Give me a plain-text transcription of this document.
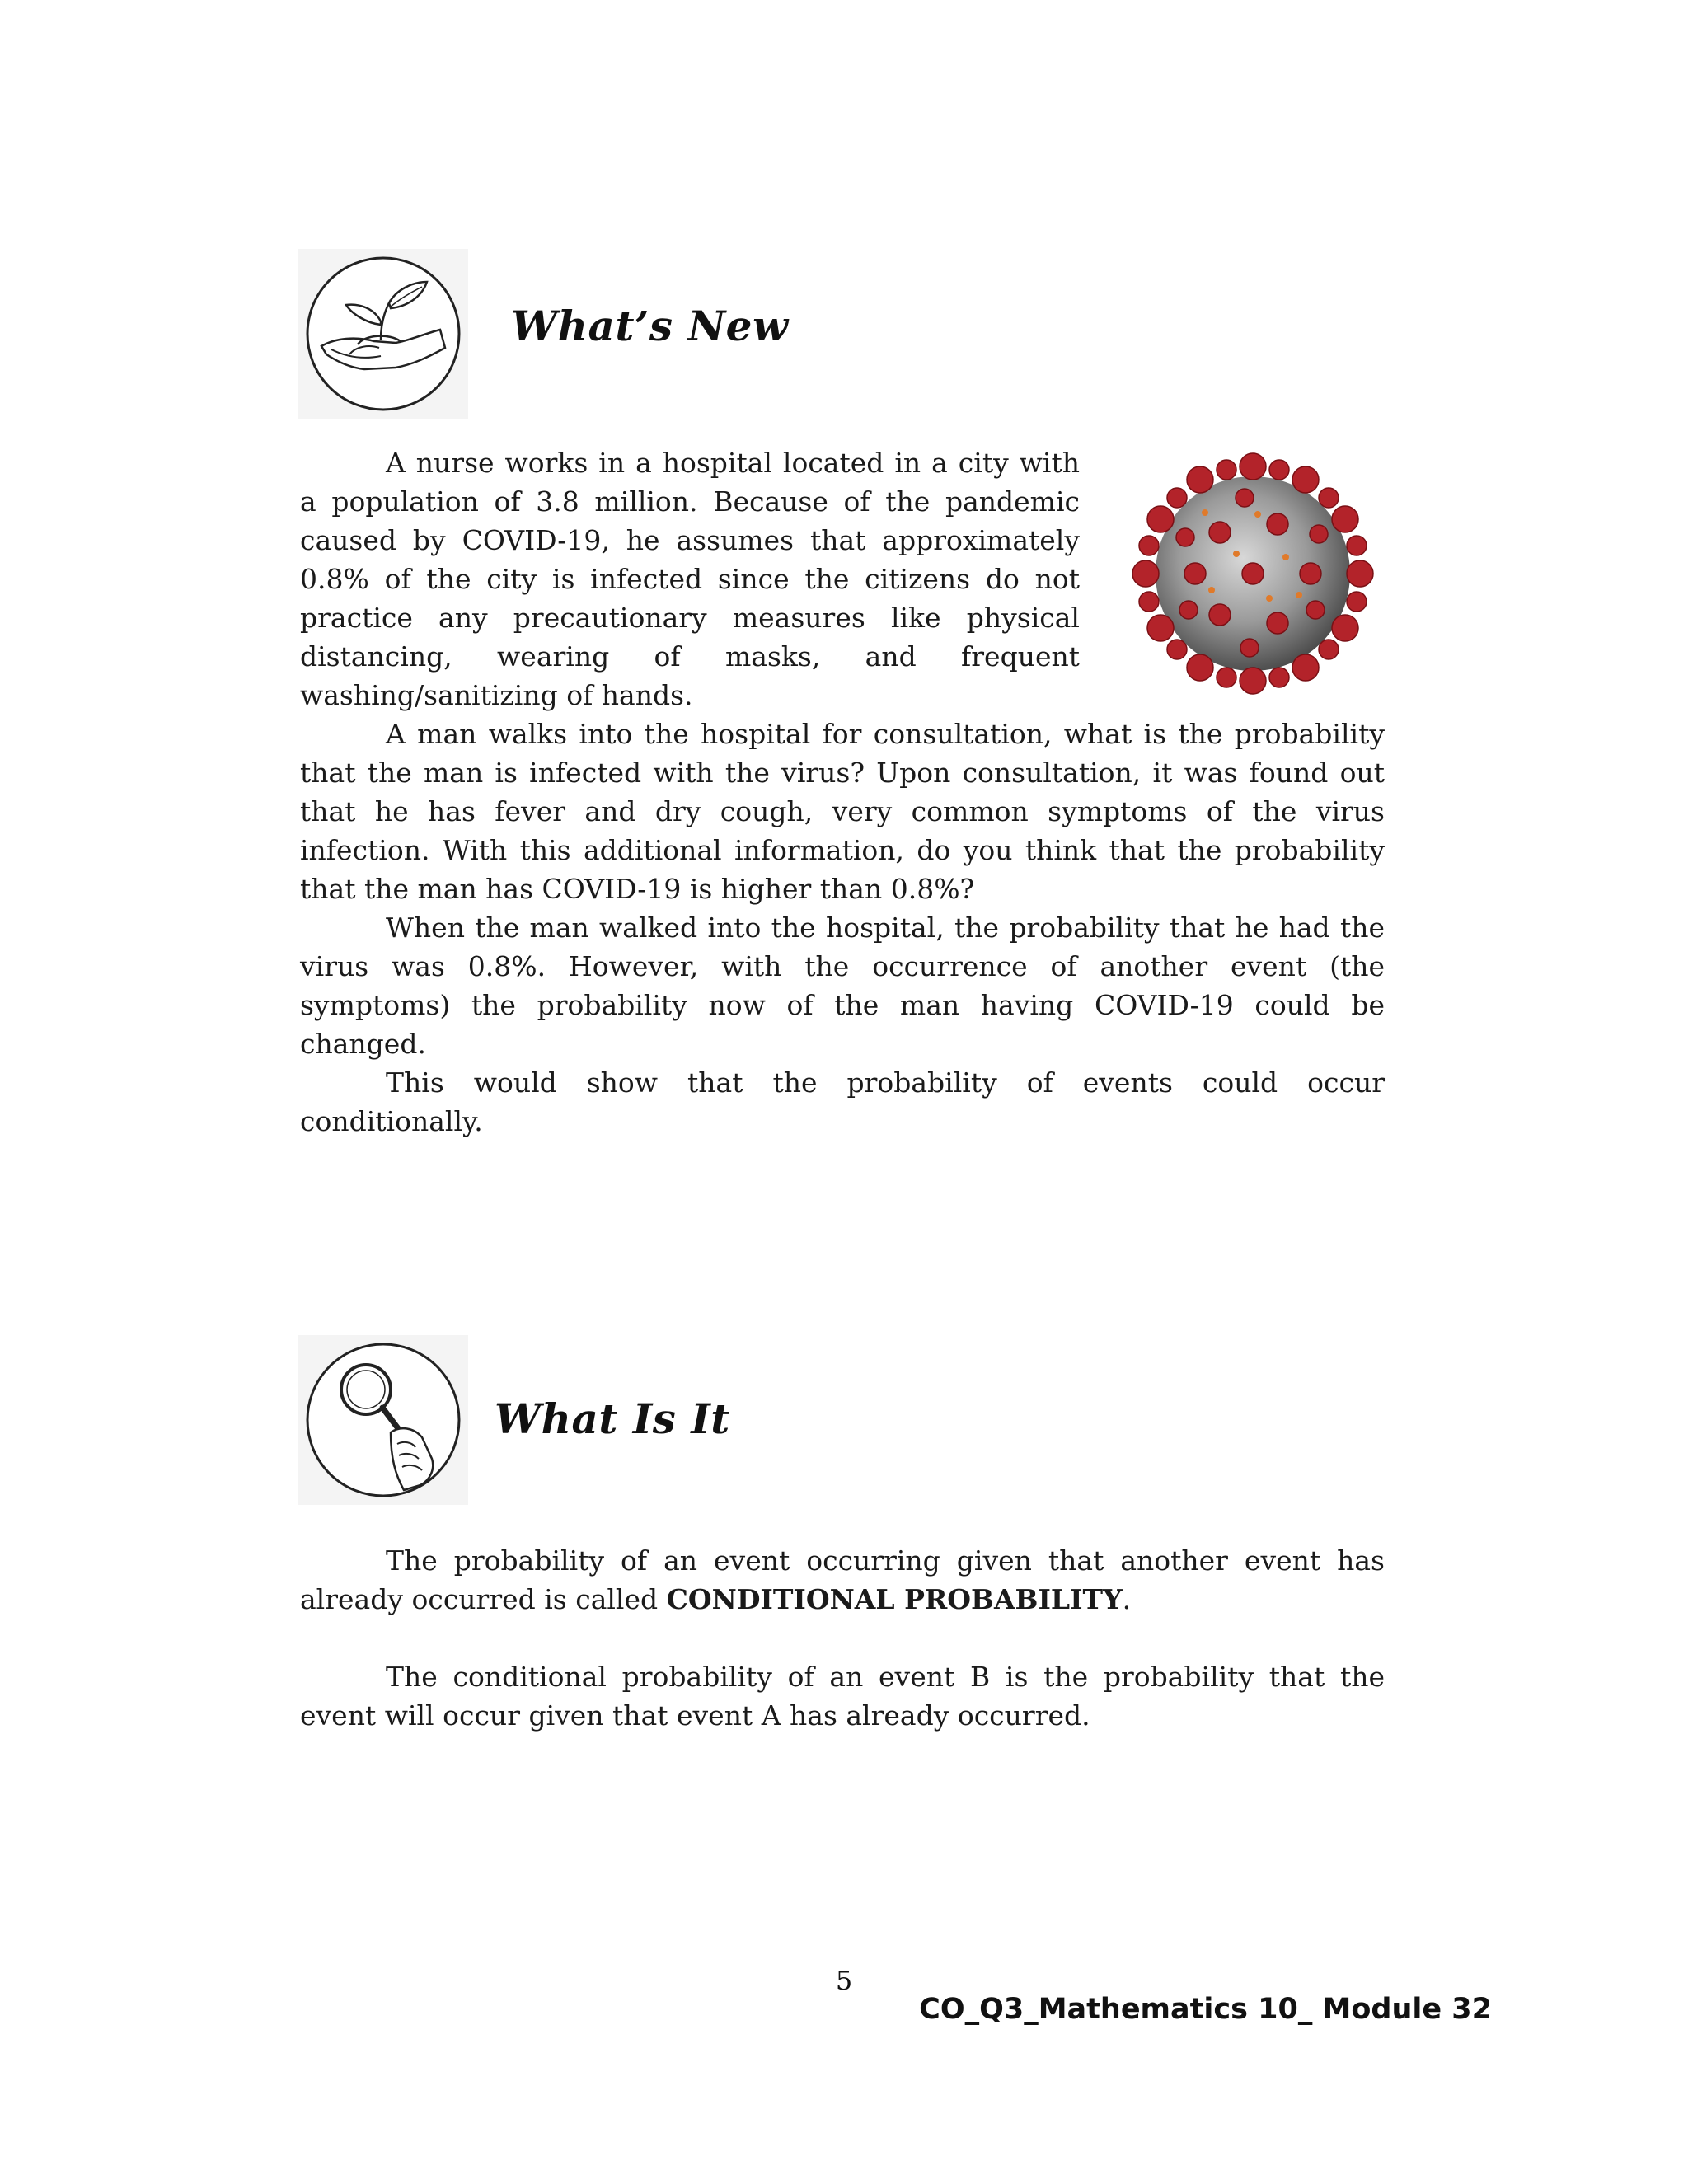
What’s New

A nurse works in a hospital located in a city with a population of 3.8 million. Because of the pandemic caused by COVID-19, he assumes that approximately 0.8% of the city is infected since the citizens do not practice any precautionary measures like physical distancing, wearing of masks, and frequent washing/sanitizing of hands.

A man walks into the hospital for consultation, what is the probability that the man is infected with the virus? Upon consultation, it was found out that he has fever and dry cough, very common symptoms of the virus infection. With this additional information, do you think that the probability that the man has COVID-19 is higher than 0.8%?

When the man walked into the hospital, the probability that he had the virus was 0.8%. However, with the occurrence of another event (the symptoms) the probability now of the man having COVID-19 could be changed.

This would show that the probability of events could occur conditionally.

What Is It

The probability of an event occurring given that another event has already occurred is called CONDITIONAL PROBABILITY.

The conditional probability of an event B is the probability that the event will occur given that event A has already occurred.

5
CO_Q3_Mathematics 10_ Module 32
